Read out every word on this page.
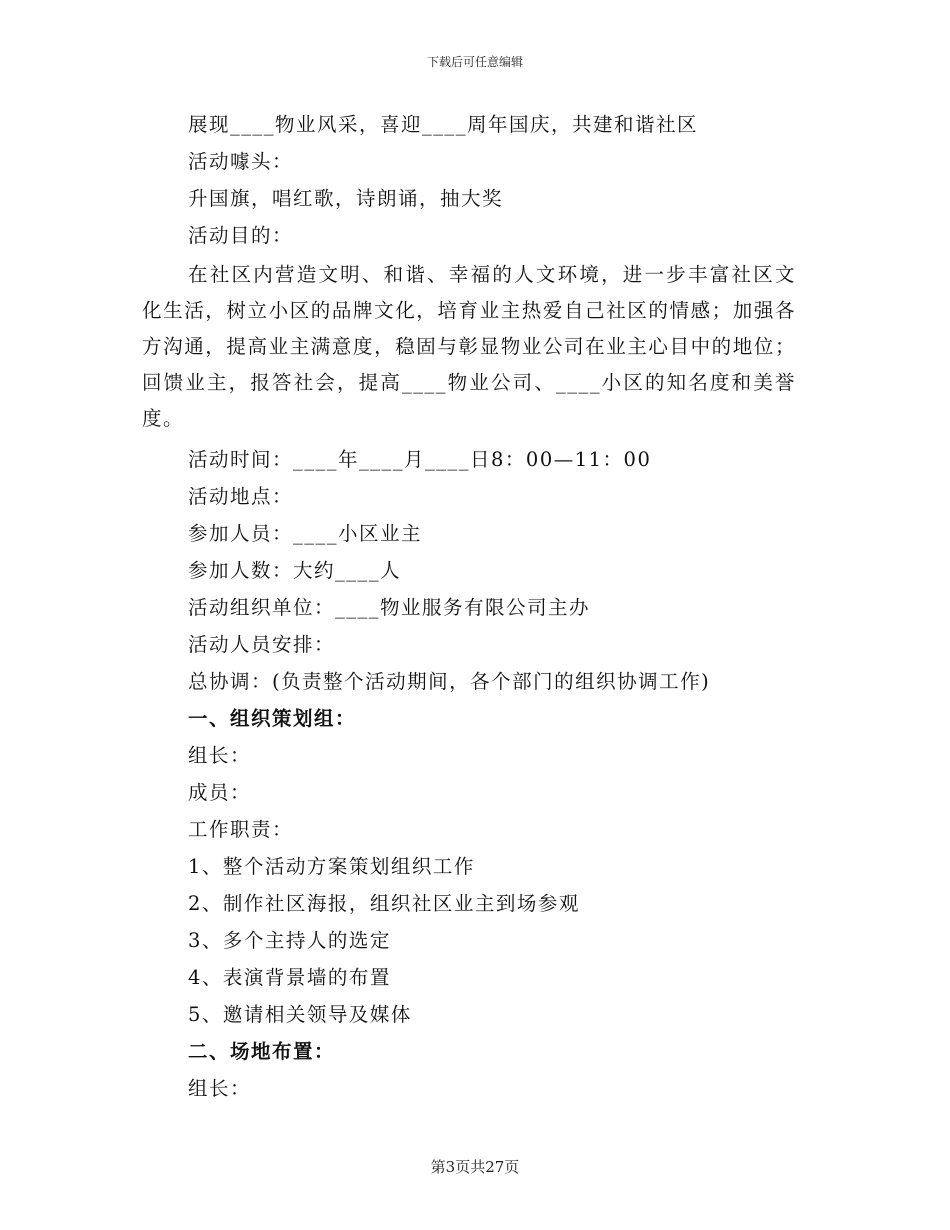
下载后可任意编辑
展现____物业风采，喜迎____周年国庆，共建和谐社区
活动噱头：
升国旗，唱红歌，诗朗诵，抽大奖
活动目的：

在社区内营造文明、和谐、幸福的人文环境，进一步丰富社区文化生活，树立小区的品牌文化，培育业主热爱自己社区的情感；加强各方沟通，提高业主满意度，稳固与彰显物业公司在业主心目中的地位；回馈业主，报答社会，提高____物业公司、____小区的知名度和美誉度。

活动时间：____年____月____日8：00—11：00
活动地点：
参加人员：____小区业主
参加人数：大约____人
活动组织单位：____物业服务有限公司主办
活动人员安排：
总协调：(负责整个活动期间，各个部门的组织协调工作)
一、组织策划组：
组长：
成员：
工作职责：
1、整个活动方案策划组织工作
2、制作社区海报，组织社区业主到场参观
3、多个主持人的选定
4、表演背景墙的布置
5、邀请相关领导及媒体
二、场地布置：
组长：
第3页共27页
